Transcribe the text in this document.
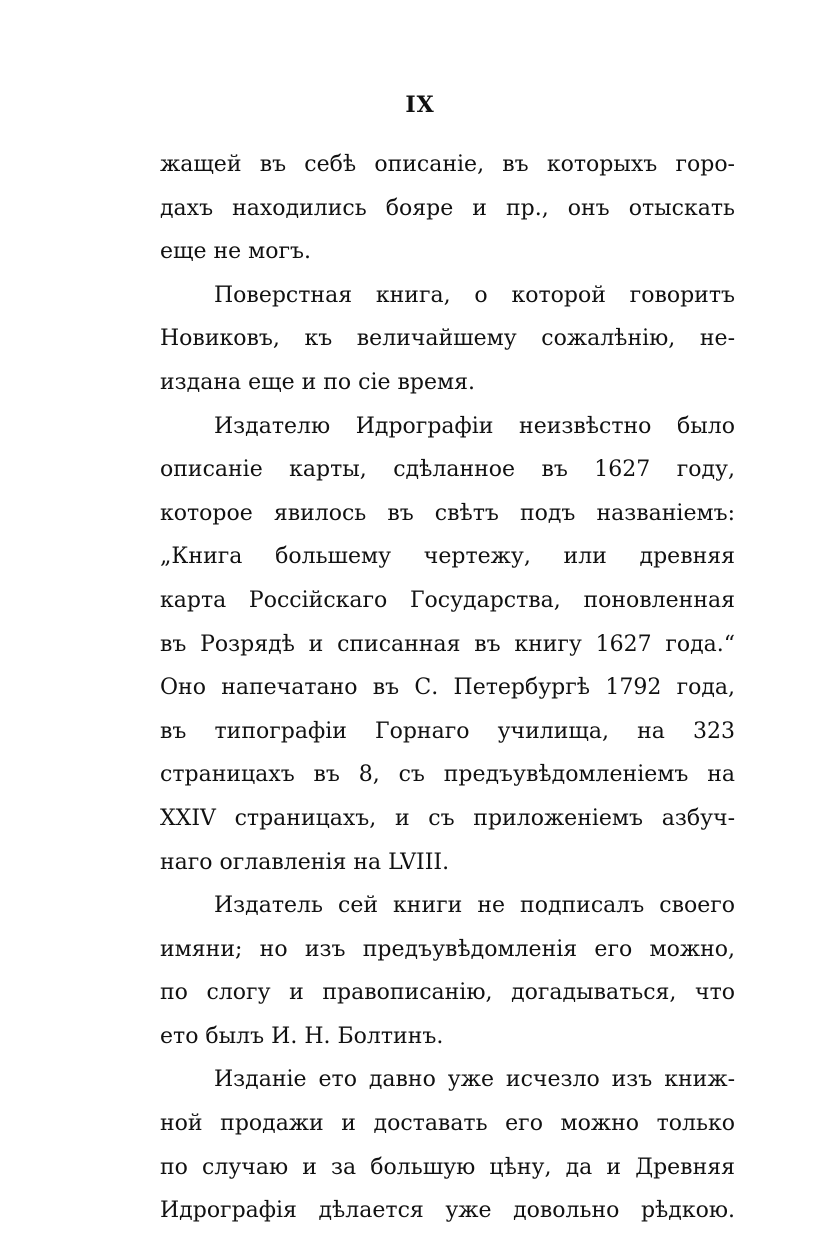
IX
жащей въ себѣ описаніе, въ которыхъ горо-
дахъ находились бояре и пр., онъ отыскать
еще не могъ.
Поверстная книга, о которой говоритъ
Новиковъ, къ величайшему сожалѣнію, не-
издана еще и по сіе время.
Издателю Идрографіи неизвѣстно было
описаніе карты, сдѣланное въ 1627 году,
которое явилось въ свѣтъ подъ названіемъ:
„Книга большему чертежу, или древняя
карта Россійскаго Государства, поновленная
въ Розрядѣ и списанная въ книгу 1627 года.“
Оно напечатано въ С. Петербургѣ 1792 года,
въ типографіи Горнаго училища, на 323
страницахъ въ 8, съ предъувѣдомленіемъ на
XXIV страницахъ, и съ приложеніемъ азбуч-
наго оглавленія на LVIII.
Издатель сей книги не подписалъ своего
имяни; но изъ предъувѣдомленія его можно,
по слогу и правописанію, догадываться, что
ето былъ И. Н. Болтинъ.
Изданіе ето давно уже исчезло изъ книж-
ной продажи и доставать его можно только
по случаю и за большую цѣну, да и Древняя
Идрографія дѣлается уже довольно рѣдкою.
